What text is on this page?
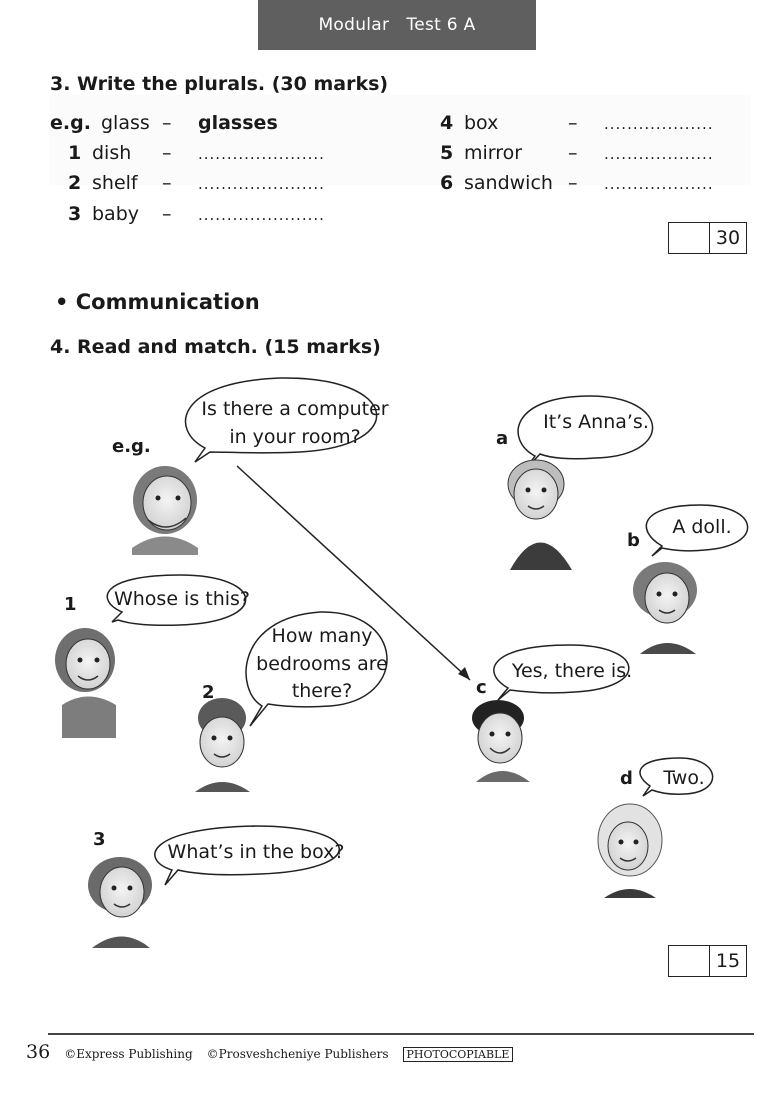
Modular   Test 6 A
3. Write the plurals. (30 marks)
e.g. glass – glasses
1 dish – ......................
2 shelf – ......................
3 baby – ......................
4 box	– ...................
5 mirror – ...................
6 sandwich – ...................
30
• Communication
4. Read and match. (15 marks)
Is there a computer
in your room?
Whose is this?
How many
bedrooms are
there?
What’s in the box?
It’s Anna’s.
A doll.
Yes, there is.
Two.
e.g.
1
2
3
a
b
c
d
15
36 ©Express Publishing ©Prosveshcheniye Publishers	PHOTOCOPIABLE
